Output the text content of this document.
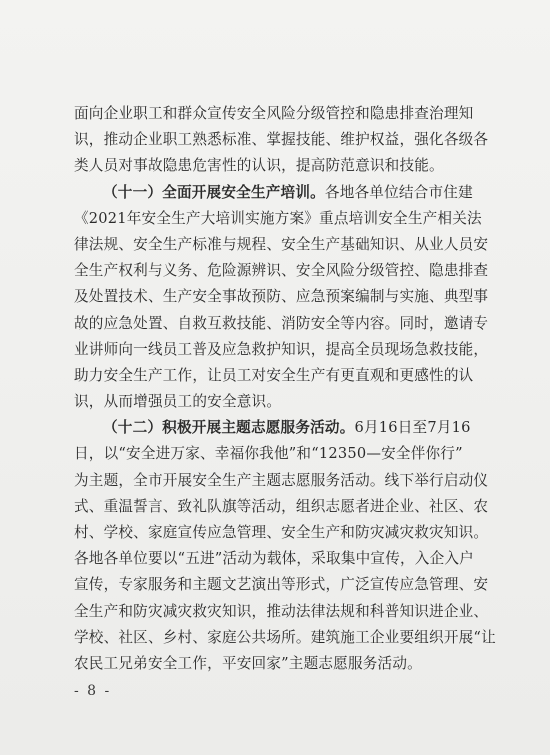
面向企业职工和群众宣传安全风险分级管控和隐患排查治理知
识，推动企业职工熟悉标准、掌握技能、维护权益，强化各级各
类人员对事故隐患危害性的认识，提高防范意识和技能。
（十一）全面开展安全生产培训。各地各单位结合市住建
《2021年安全生产大培训实施方案》重点培训安全生产相关法
律法规、安全生产标准与规程、安全生产基础知识、从业人员安
全生产权利与义务、危险源辨识、安全风险分级管控、隐患排查
及处置技术、生产安全事故预防、应急预案编制与实施、典型事
故的应急处置、自救互救技能、消防安全等内容。同时，邀请专
业讲师向一线员工普及应急救护知识，提高全员现场急救技能，
助力安全生产工作，让员工对安全生产有更直观和更感性的认
识，从而增强员工的安全意识。
（十二）积极开展主题志愿服务活动。6月16日至7月16
日，以“安全进万家、幸福你我他”和“12350—安全伴你行”
为主题，全市开展安全生产主题志愿服务活动。线下举行启动仪
式、重温誓言、致礼队旗等活动，组织志愿者进企业、社区、农
村、学校、家庭宣传应急管理、安全生产和防灾减灾救灾知识。
各地各单位要以“五进”活动为载体，采取集中宣传，入企入户
宣传，专家服务和主题文艺演出等形式，广泛宣传应急管理、安
全生产和防灾减灾救灾知识，推动法律法规和科普知识进企业、
学校、社区、乡村、家庭公共场所。建筑施工企业要组织开展“让
农民工兄弟安全工作，平安回家”主题志愿服务活动。
- 8 -
